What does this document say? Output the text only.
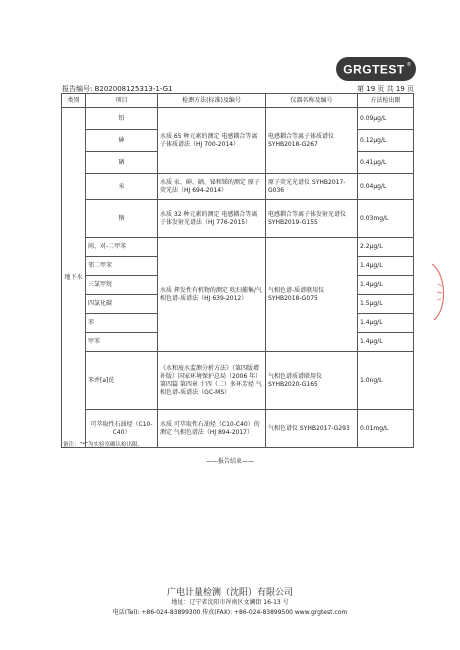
GRGTEST ®
报告编号: B202008125313-1-G1	第 19 页 共 19 页
类别	项目	检测方法(标准)及编号	仪器名称及编号	方法检出限
地下水	铅	水质 65 种元素的测定 电感耦合等离子体质谱法（HJ 700-2014）	电感耦合等离子体质谱仪 SYHB2018-G267	0.09μg/L
	砷			0.12μg/L
	硒			0.41μg/L
	汞	水质 汞、砷、硒、铋和锑的测定 原子荧光法（HJ 694-2014）	原子荧光光谱仪 SYHB2017-G036	0.04μg/L
	钠	水质 32 种元素的测定 电感耦合等离子体发射光谱法（HJ 776-2015）	电感耦合等离子体发射光谱仪 SYHB2019-G155	0.03mg/L
	间、对-二甲苯	水质 挥发性有机物的测定 吹扫捕集/气相色谱-质谱法（HJ 639-2012）	气相色谱-质谱联用仪 SYHB2018-G075	2.2μg/L
	邻二甲苯			1.4μg/L
	三氯甲烷			1.4μg/L
	四氯化碳			1.5μg/L
	苯			1.4μg/L
	甲苯			1.4μg/L
	苯并[a]芘	《水和废水监测分析方法》（第四版增补版）国家环境保护总局（2006 年）第四篇 第四章 十四（二）多环芳烃 气相色谱-质谱法（GC-MS）	气相色谱质谱联用仪 SYHB2020-G165	1.0ng/L
	可萃取性石油烃（C10-C40）	水质 可萃取性石油烃（C10-C40）的测定 气相色谱法（HJ 894-2017）	气相色谱仪 SYHB2017-G293	0.01mg/L
备注：“*”为实验室确认检出限。
——报告结束——
广电计量检测（沈阳）有限公司
地址：辽宁省沈阳市浑南区文澜街 16-13 号
电话(Tel): +86-024-83899300 传真(FAX): +86-024-83899500 www.grgtest.com
